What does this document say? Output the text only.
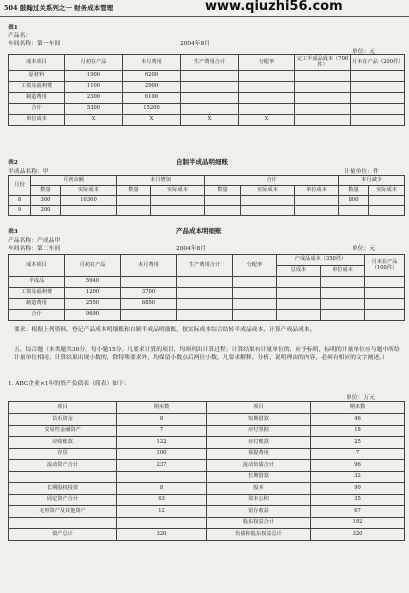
504 鼓翰过关系列之一 财务成本管理	www.qiuzhi56.com
表1
产品名：
车间名称：第一车间	2004年8月
单位：元
成本项目	月初在产品	本月费用	生产费用合计	分配率	完工半成品成本（700件）	月末在产品（200件）
原材料	1900	6200				
工资及福利费	1100	2900				
制造费用	2300	6100				
合计	5300	15200				
单位成本	X	X	X	X		
表2	自制半成品明细账
半成品名称：甲	计量单位：件
月份	月初余额		本月增加		合计			本月减少	
	数量	实际成本	数量	实际成本	数量	实际成本	单位成本	数量	实际成本
8	300	10300						800	
9	200								
表3	产品成本明细账
产品名称：产成品甲
车间名称：第二车间	2004年8月	单位：元
成本项目	月初在产品	本月费用	生产费用合计	分配率	产成品成本（350件）		月末在产品（100件）
					总成本	单位成本	
半成品	5940						
工资及福利费	1200	3700					
制造费用	2550	8850					
合计	9690						
要求：根据上列资料，登记产品成本明细账和自制半成品明细账，按实际成本综合结转半成品成本，计算产成品成本。
五、综合题（本类题共30分，每小题15分。凡要求计算的项目，均须列出计算过程；计算结果有计量单位的，应予标明，标明的计量单位应与题中所给计量单位相同；计算结果出现小数的，除特殊要求外，均保留小数点后两位小数。凡要求解释、分析、说明理由的内容，必须有相应的文字阐述。）
1. ABC企业×1年的资产负债表（简表）如下：
单位：万元
项目	期末数	项目	期末数
货币资金	8	短期借款	46
交易性金融资产	7	应付票据	18
应收账款	122	应付账款	25
存货	100	预提费用	7
流动资产合计	237	流动负债合计	96
		长期借款	32
长期股权投资	8	股本	90
固定资产合计	63	资本公积	35
无形资产及其他资产	12	留存收益	67
		股东权益合计	192
资产总计	320	负债和股东权益总计	320
